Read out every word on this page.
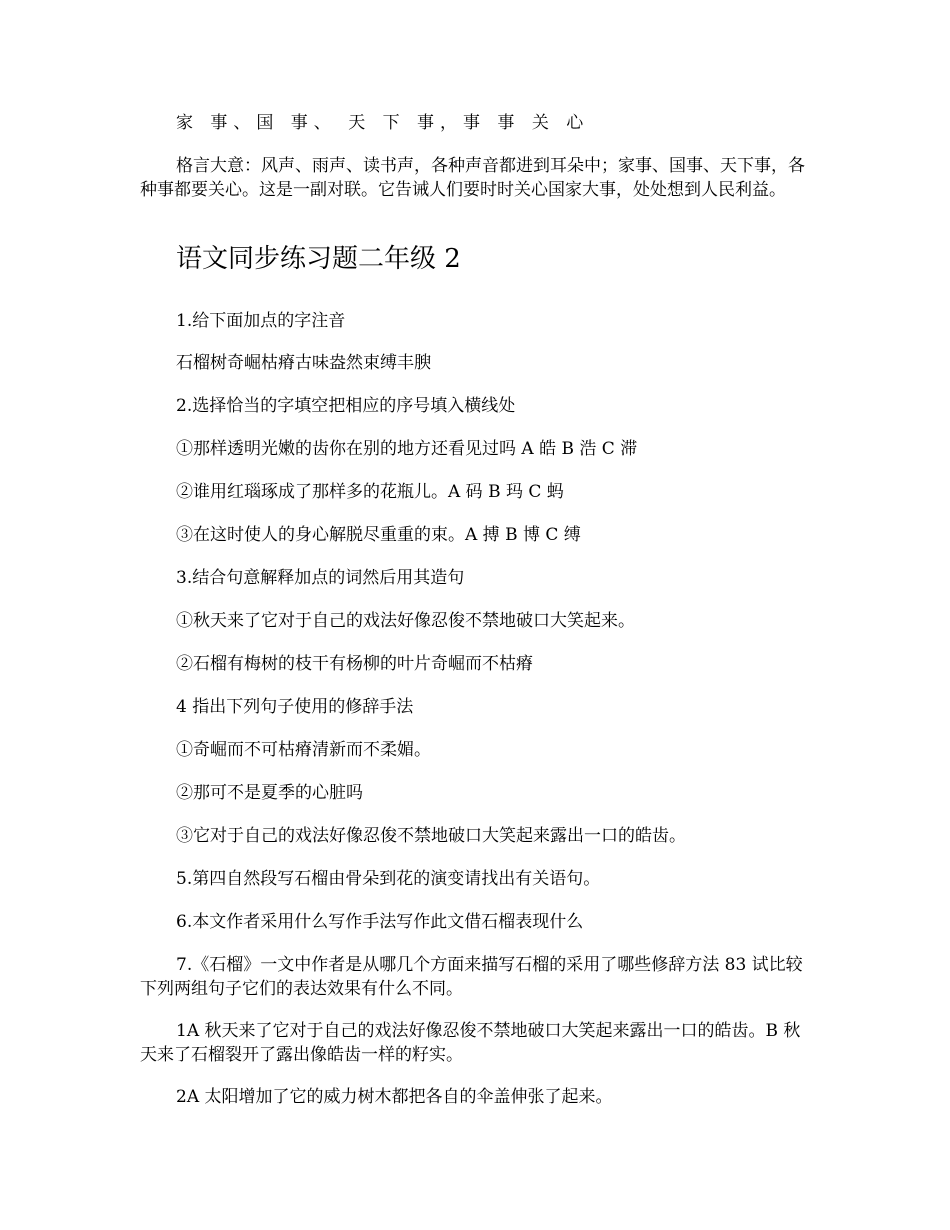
家 事、国 事、 天 下 事，事 事 关 心

格言大意：风声、雨声、读书声，各种声音都进到耳朵中；家事、国事、天下事，各种事都要关心。这是一副对联。它告诫人们要时时关心国家大事，处处想到人民利益。

语文同步练习题二年级 2

1.给下面加点的字注音

石榴树奇崛枯瘠古味盎然束缚丰腴

2.选择恰当的字填空把相应的序号填入横线处

①那样透明光嫩的齿你在别的地方还看见过吗 A 皓 B 浩 C 滞

②谁用红瑙琢成了那样多的花瓶儿。A 码 B 玛 C 蚂

③在这时使人的身心解脱尽重重的束。A 搏 B 博 C 缚

3.结合句意解释加点的词然后用其造句

①秋天来了它对于自己的戏法好像忍俊不禁地破口大笑起来。

②石榴有梅树的枝干有杨柳的叶片奇崛而不枯瘠

4 指出下列句子使用的修辞手法

①奇崛而不可枯瘠清新而不柔媚。

②那可不是夏季的心脏吗

③它对于自己的戏法好像忍俊不禁地破口大笑起来露出一口的皓齿。

5.第四自然段写石榴由骨朵到花的演变请找出有关语句。

6.本文作者采用什么写作手法写作此文借石榴表现什么

7.《石榴》一文中作者是从哪几个方面来描写石榴的采用了哪些修辞方法 83 试比较下列两组句子它们的表达效果有什么不同。

1A 秋天来了它对于自己的戏法好像忍俊不禁地破口大笑起来露出一口的皓齿。B 秋天来了石榴裂开了露出像皓齿一样的籽实。

2A 太阳增加了它的威力树木都把各自的伞盖伸张了起来。
